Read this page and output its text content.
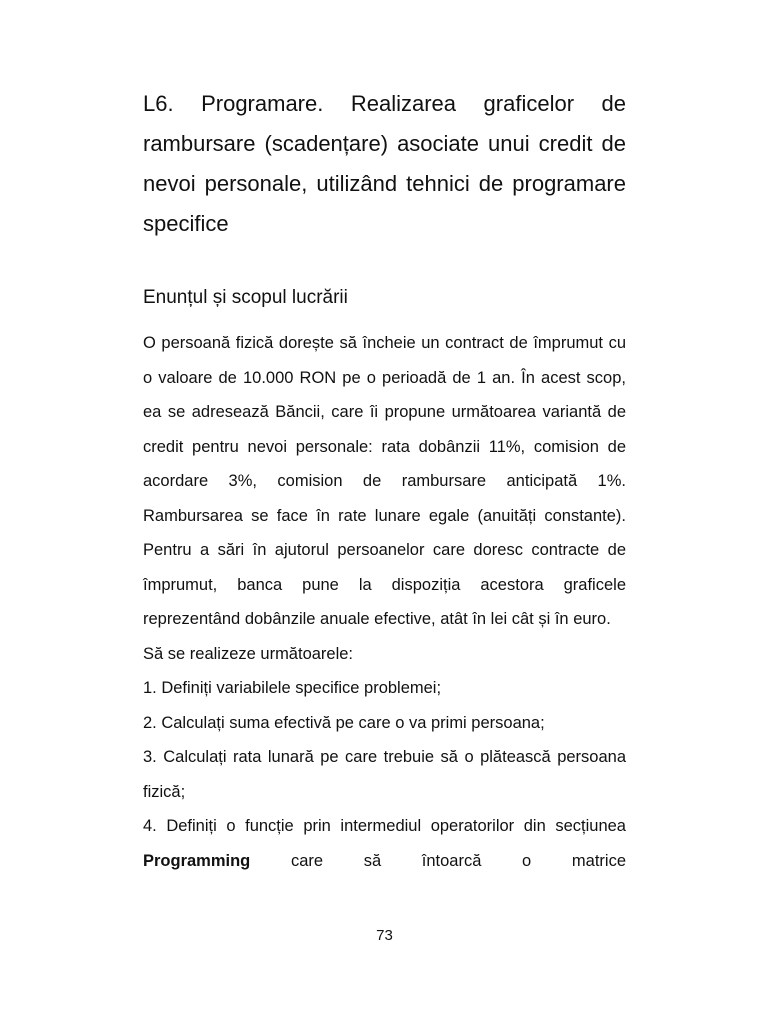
L6. Programare. Realizarea graficelor de rambursare (scadențare) asociate unui credit de nevoi personale, utilizând tehnici de programare specifice
Enunțul și scopul lucrării

O persoană fizică dorește să încheie un contract de împrumut cu o valoare de 10.000 RON pe o perioadă de 1 an. În acest scop, ea se adresează Băncii, care îi propune următoarea variantă de credit pentru nevoi personale: rata dobânzii 11%, comision de acordare 3%, comision de rambursare anticipată 1%. Rambursarea se face în rate lunare egale (anuități constante). Pentru a sări în ajutorul persoanelor care doresc contracte de împrumut, banca pune la dispoziția acestora graficele reprezentând dobânzile anuale efective, atât în lei cât și în euro.

Să se realizeze următoarele:

1. Definiți variabilele specifice problemei;

2. Calculați suma efectivă pe care o va primi persoana;

3. Calculați rata lunară pe care trebuie să o plătească persoana fizică;

4. Definiți o funcție prin intermediul operatorilor din secțiunea Programming care să întoarcă o matrice

73
